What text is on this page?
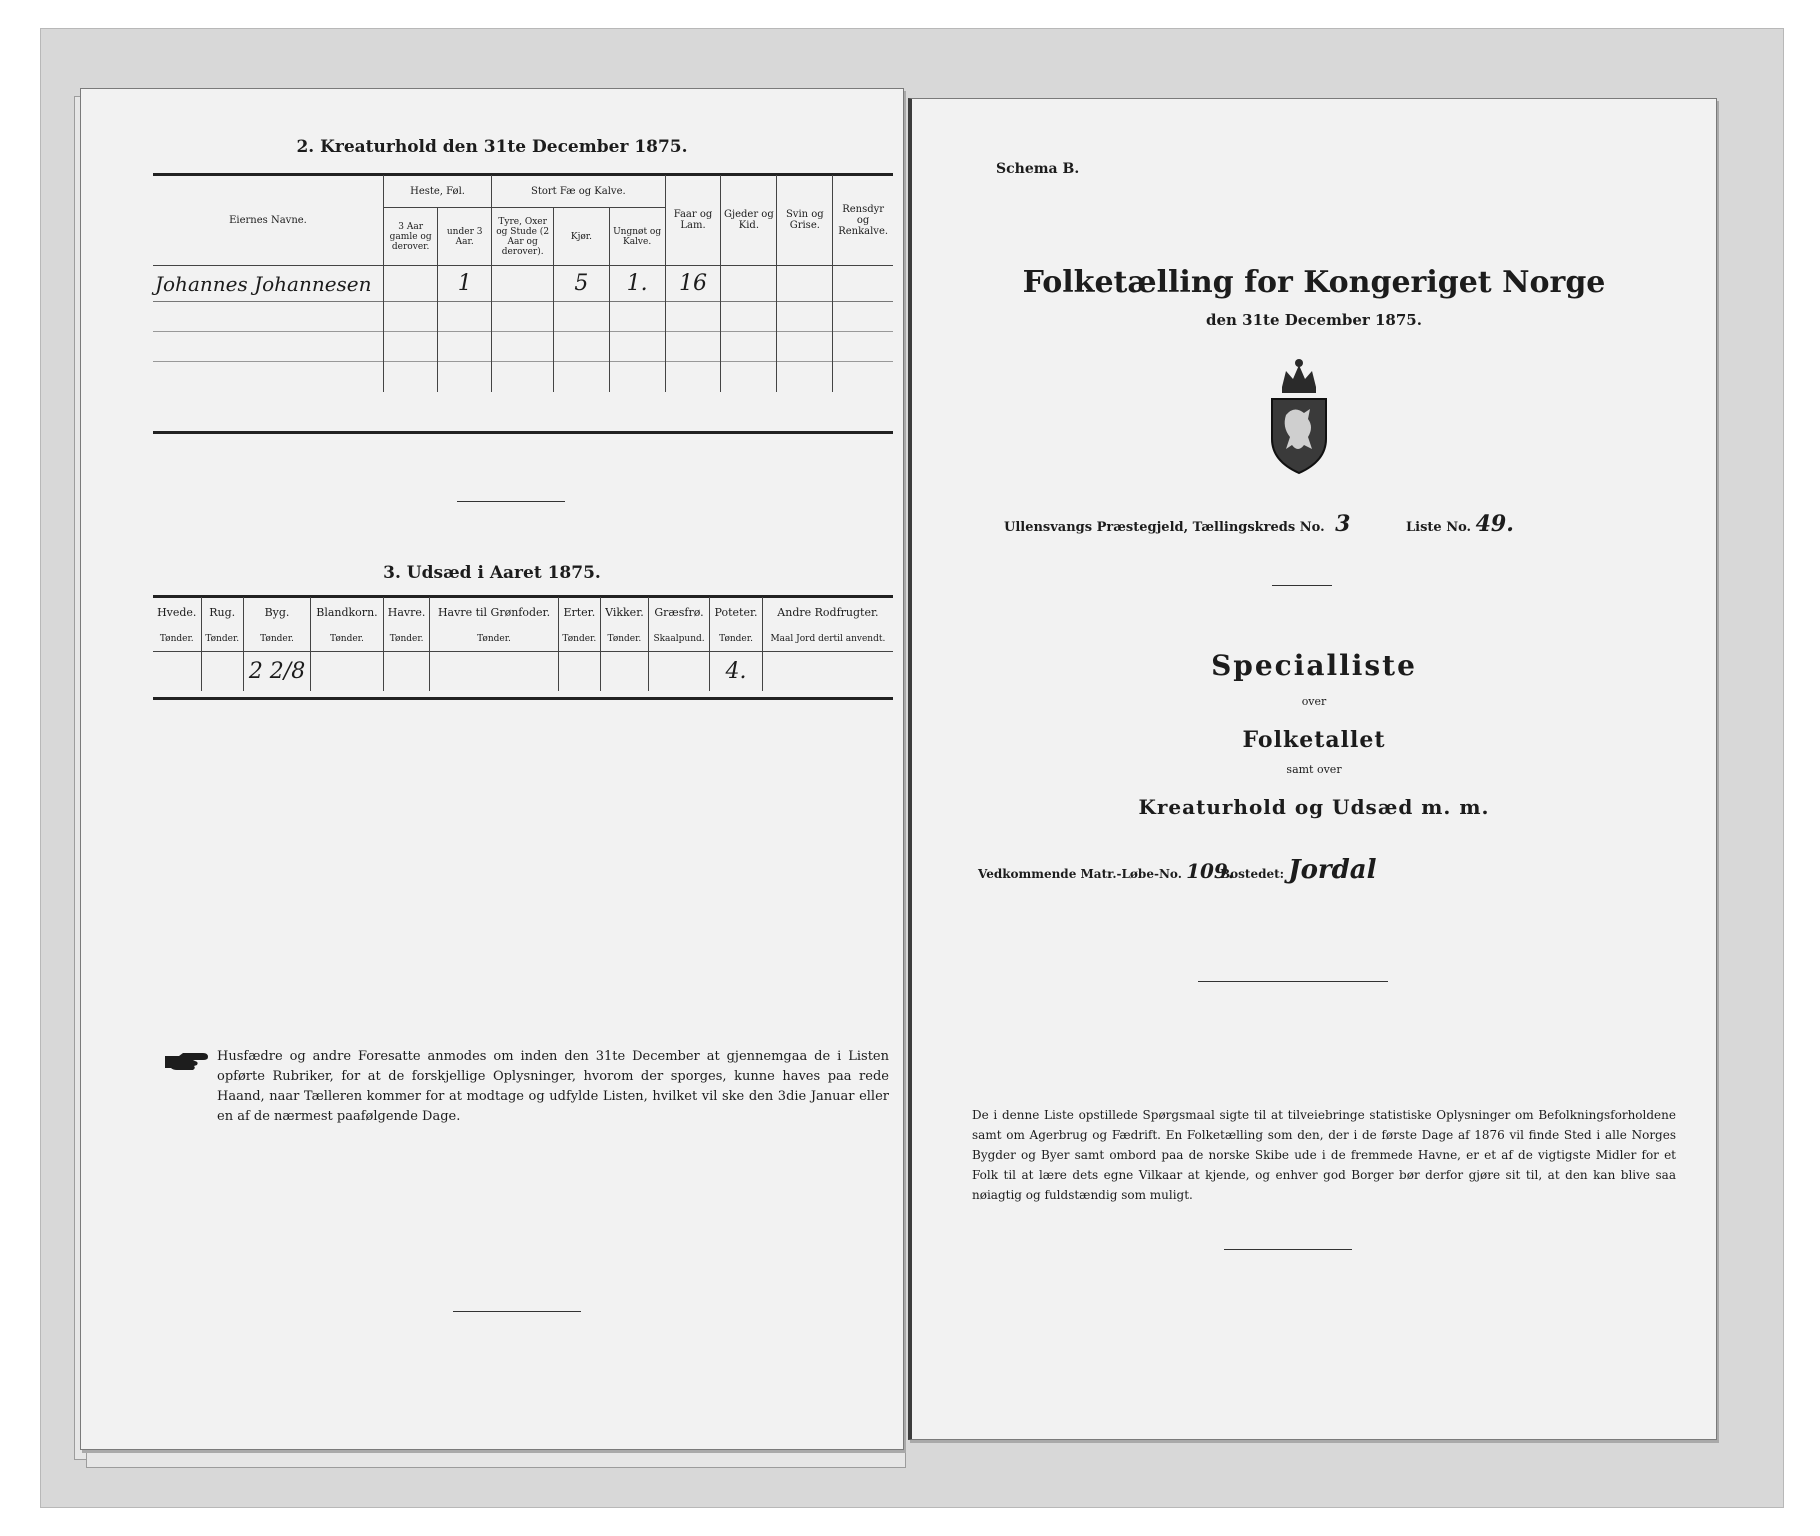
2. Kreaturhold den 31te December 1875.
Eiernes Navne.	Heste, Føl.		Stort Fæ og Kalve.			Faar og Lam.	Gjeder og Kid.	Svin og Grise.	Rensdyr og Renkalve.
	3 Aar gamle og derover.	under 3 Aar.	Tyre, Oxer og Stude (2 Aar og derover).	Kjør.	Ungnøt og Kalve.				
Johannes Johannesen		1		5	1.	16			

3. Udsæd i Aaret 1875.
Hvede.	Rug.	Byg.	Blandkorn.	Havre.	Havre til Grønfoder.	Erter.	Vikker.	Græsfrø.	Poteter.	Andre Rodfrugter.
Tønder.	Tønder.	Tønder.	Tønder.	Tønder.	Tønder.	Tønder.	Tønder.	Skaalpund.	Tønder.	Maal Jord dertil anvendt.
		2 2/8							4.	
Husfædre og andre Foresatte anmodes om inden den 31te December at gjennemgaa de i Listen opførte Rubriker, for at de forskjellige Oplysninger, hvorom der sporges, kunne haves paa rede Haand, naar Tælleren kommer for at modtage og udfylde Listen, hvilket vil ske den 3die Januar eller en af de nærmest paafølgende Dage.
Schema B.
Folketælling for Kongeriget Norge
den 31te December 1875.
Ullensvangs Præstegjeld, Tællingskreds No. 3	Liste No. 49.
Specialliste
over
Folketallet
samt over
Kreaturhold og Udsæd m. m.
Vedkommende Matr.-Løbe-No. 109.
Bostedet: Jordal
De i denne Liste opstillede Spørgsmaal sigte til at tilveiebringe statistiske Oplysninger om Befolkningsforholdene samt om Agerbrug og Fædrift. En Folketælling som den, der i de første Dage af 1876 vil finde Sted i alle Norges Bygder og Byer samt ombord paa de norske Skibe ude i de fremmede Havne, er et af de vigtigste Midler for et Folk til at lære dets egne Vilkaar at kjende, og enhver god Borger bør derfor gjøre sit til, at den kan blive saa nøiagtig og fuldstændig som muligt.
